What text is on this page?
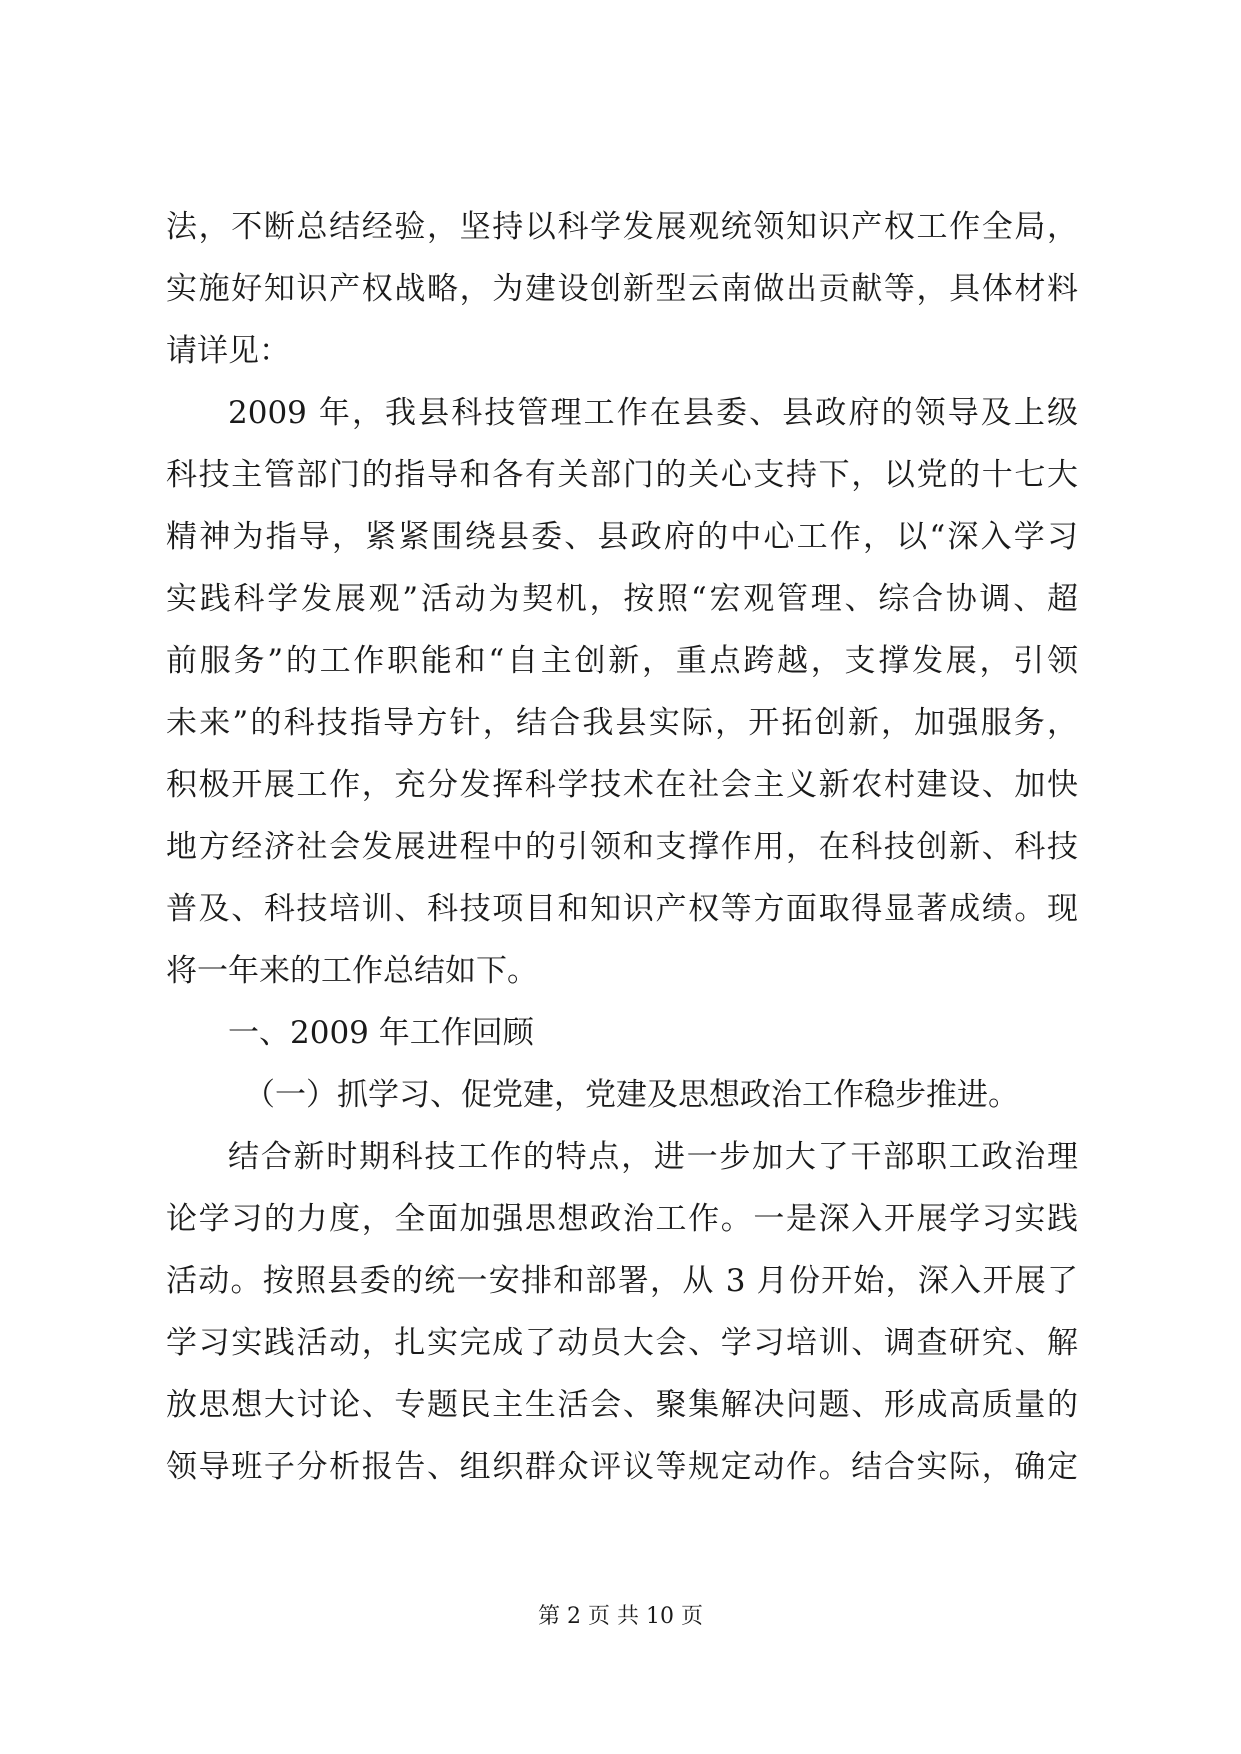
法，不断总结经验，坚持以科学发展观统领知识产权工作全局，
实施好知识产权战略，为建设创新型云南做出贡献等，具体材料
请详见：
2009 年，我县科技管理工作在县委、县政府的领导及上级
科技主管部门的指导和各有关部门的关心支持下，以党的十七大
精神为指导，紧紧围绕县委、县政府的中心工作，以“深入学习
实践科学发展观”活动为契机，按照“宏观管理、综合协调、超
前服务”的工作职能和“自主创新，重点跨越，支撑发展，引领
未来”的科技指导方针，结合我县实际，开拓创新，加强服务，
积极开展工作，充分发挥科学技术在社会主义新农村建设、加快
地方经济社会发展进程中的引领和支撑作用，在科技创新、科技
普及、科技培训、科技项目和知识产权等方面取得显著成绩。现
将一年来的工作总结如下。
一、2009 年工作回顾
（一）抓学习、促党建，党建及思想政治工作稳步推进。
结合新时期科技工作的特点，进一步加大了干部职工政治理
论学习的力度，全面加强思想政治工作。一是深入开展学习实践
活动。按照县委的统一安排和部署，从 3 月份开始，深入开展了
学习实践活动，扎实完成了动员大会、学习培训、调查研究、解
放思想大讨论、专题民主生活会、聚集解决问题、形成高质量的
领导班子分析报告、组织群众评议等规定动作。结合实际，确定
第 2 页 共 10 页
